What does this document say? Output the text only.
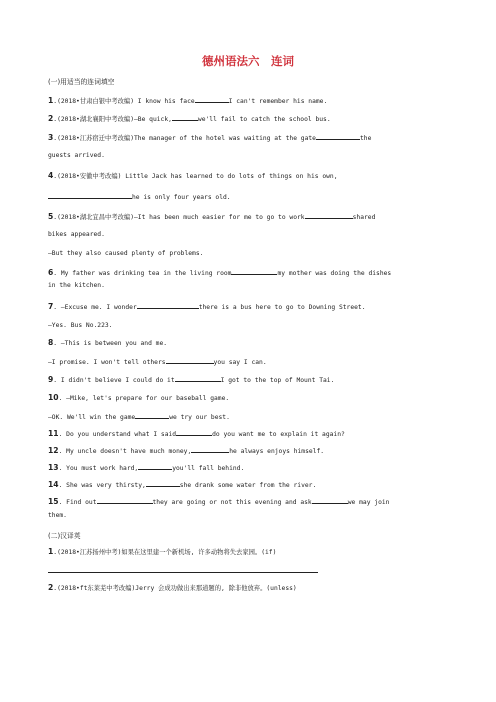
德州语法六　连词
(一)用适当的连词填空
1.(2018•甘肃白银中考改编) I know his face	I can't remember his name.
2.(2018•湖北襄阳中考改编)—Be quick,	we'll fail to catch the school bus.
3.(2018•江苏宿迁中考改编)The manager of the hotel was waiting at the gate	the
guests arrived.
4.(2018•安徽中考改编) Little Jack has learned to do lots of things on his own,
he is only four years old.
5.(2018•湖北宜昌中考改编)—It has been much easier for me to go to work	shared
bikes appeared.
—But they also caused plenty of problems.
6. My father was drinking tea in the living room	my mother was doing the dishes
in the kitchen.
7. —Excuse me. I wonder	there is a bus here to go to Downing Street.
—Yes. Bus No.223.
8. —This is between you and me.
—I promise. I won't tell others	you say I can.
9. I didn't believe I could do it	I got to the top of Mount Tai.
10. —Mike, let's prepare for our baseball game.
—OK. We'll win the game	we try our best.
11. Do you understand what I said	do you want me to explain it again?
12. My uncle doesn't have much money,	he always enjoys himself.
13. You must work hard,	you'll fall behind.
14. She was very thirsty,	she drank some water from the river.
15. Find out	they are going or not this evening and ask	we may join
them.
(二)汉译英
1.(2018•江苏扬州中考)如果在这里建一个新机场, 许多动物将失去家园。(if)
2.(2018•ft东莱芜中考改编)Jerry 会成功做出来那道题的, 除非他放弃。(unless)
